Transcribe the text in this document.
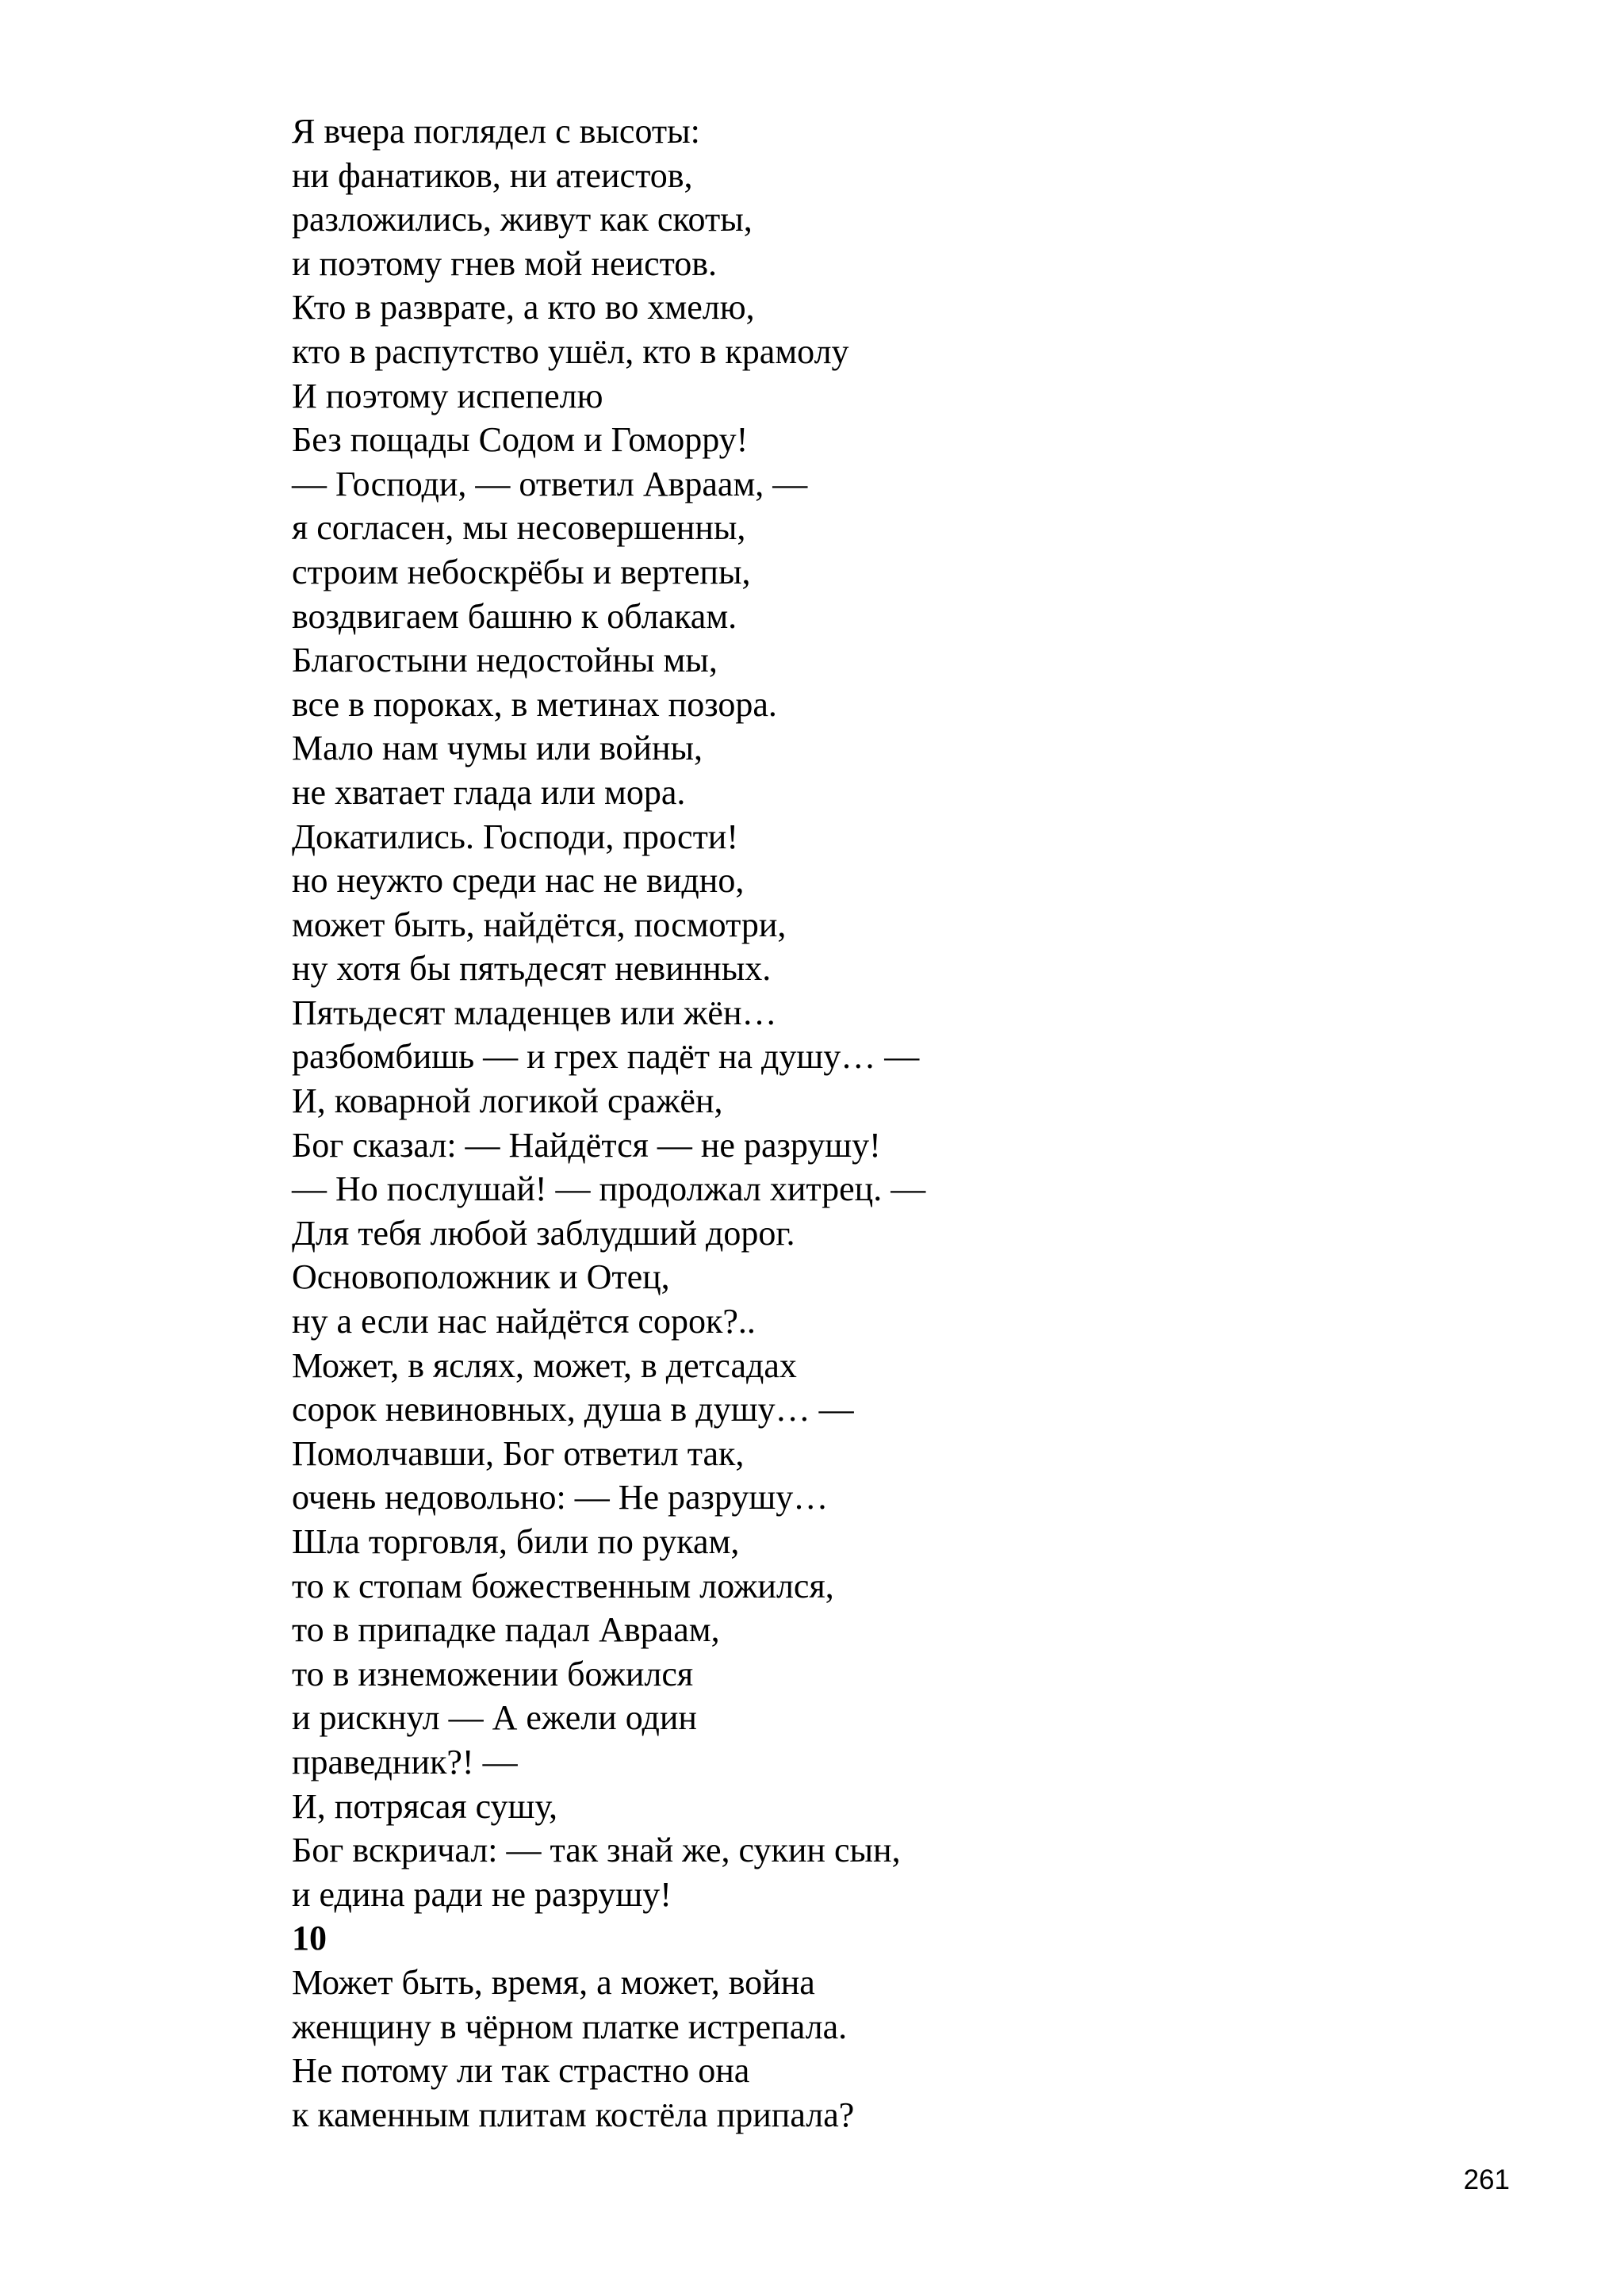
Я вчера поглядел с высоты:
ни фанатиков, ни атеистов,
разложились, живут как скоты,
и поэтому гнев мой неистов.
Кто в разврате, а кто во хмелю,
кто в распутство ушёл, кто в крамолу
И поэтому испепелю
Без пощады Содом и Гоморру!
— Господи, — ответил Авраам, —
я согласен, мы несовершенны,
строим небоскрёбы и вертепы,
воздвигаем башню к облакам.
Благостыни недостойны мы,
все в пороках, в метинах позора.
Мало нам чумы или войны,
не хватает глада или мора.
Докатились. Господи, прости!
но неужто среди нас не видно,
может быть, найдётся, посмотри,
ну хотя бы пятьдесят невинных.
Пятьдесят младенцев или жён…
разбомбишь — и грех падёт на душу… —
И, коварной логикой сражён,
Бог сказал: — Найдётся — не разрушу!
— Но послушай! — продолжал хитрец. —
Для тебя любой заблудший дорог.
Основоположник и Отец,
ну а если нас найдётся сорок?..
Может, в яслях, может, в детсадах
сорок невиновных, душа в душу… —
Помолчавши, Бог ответил так,
очень недовольно: — Не разрушу…
Шла торговля, били по рукам,
то к стопам божественным ложился,
то в припадке падал Авраам,
то в изнеможении божился
и рискнул — А ежели один
праведник?! —
И, потрясая сушу,
Бог вскричал: — так знай же, сукин сын,
и едина ради не разрушу!
10
Может быть, время, а может, война
женщину в чёрном платке истрепала.
Не потому ли так страстно она
к каменным плитам костёла припала?
261
